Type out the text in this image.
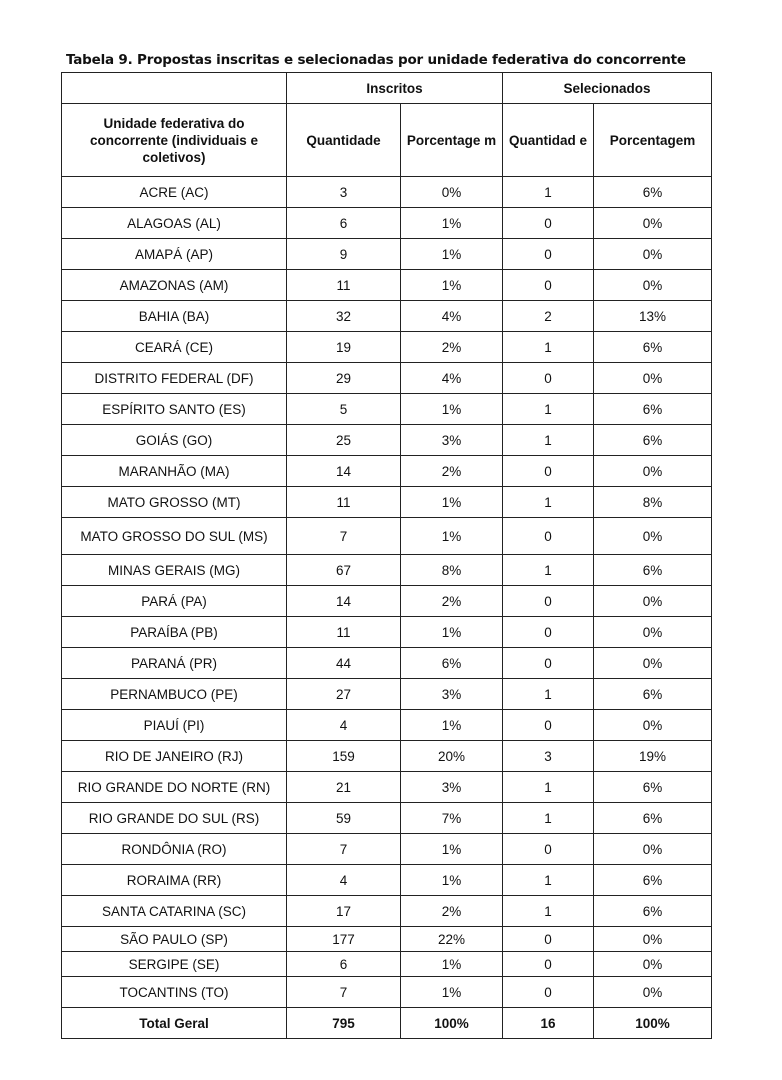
Tabela 9. Propostas inscritas e selecionadas por unidade federativa do concorrente
	Inscritos		Selecionados	
Unidade federativa do concorrente (individuais e coletivos)	Quantidade	Porcentage m	Quantidad e	Porcentagem
ACRE (AC)	3	0%	1	6%
ALAGOAS (AL)	6	1%	0	0%
AMAPÁ (AP)	9	1%	0	0%
AMAZONAS (AM)	11	1%	0	0%
BAHIA (BA)	32	4%	2	13%
CEARÁ (CE)	19	2%	1	6%
DISTRITO FEDERAL (DF)	29	4%	0	0%
ESPÍRITO SANTO (ES)	5	1%	1	6%
GOIÁS (GO)	25	3%	1	6%
MARANHÃO (MA)	14	2%	0	0%
MATO GROSSO (MT)	11	1%	1	8%
MATO GROSSO DO SUL (MS)	7	1%	0	0%
MINAS GERAIS (MG)	67	8%	1	6%
PARÁ (PA)	14	2%	0	0%
PARAÍBA (PB)	11	1%	0	0%
PARANÁ (PR)	44	6%	0	0%
PERNAMBUCO (PE)	27	3%	1	6%
PIAUÍ (PI)	4	1%	0	0%
RIO DE JANEIRO (RJ)	159	20%	3	19%
RIO GRANDE DO NORTE (RN)	21	3%	1	6%
RIO GRANDE DO SUL (RS)	59	7%	1	6%
RONDÔNIA (RO)	7	1%	0	0%
RORAIMA (RR)	4	1%	1	6%
SANTA CATARINA (SC)	17	2%	1	6%
SÃO PAULO (SP)	177	22%	0	0%
SERGIPE (SE)	6	1%	0	0%
TOCANTINS (TO)	7	1%	0	0%
Total Geral	795	100%	16	100%
